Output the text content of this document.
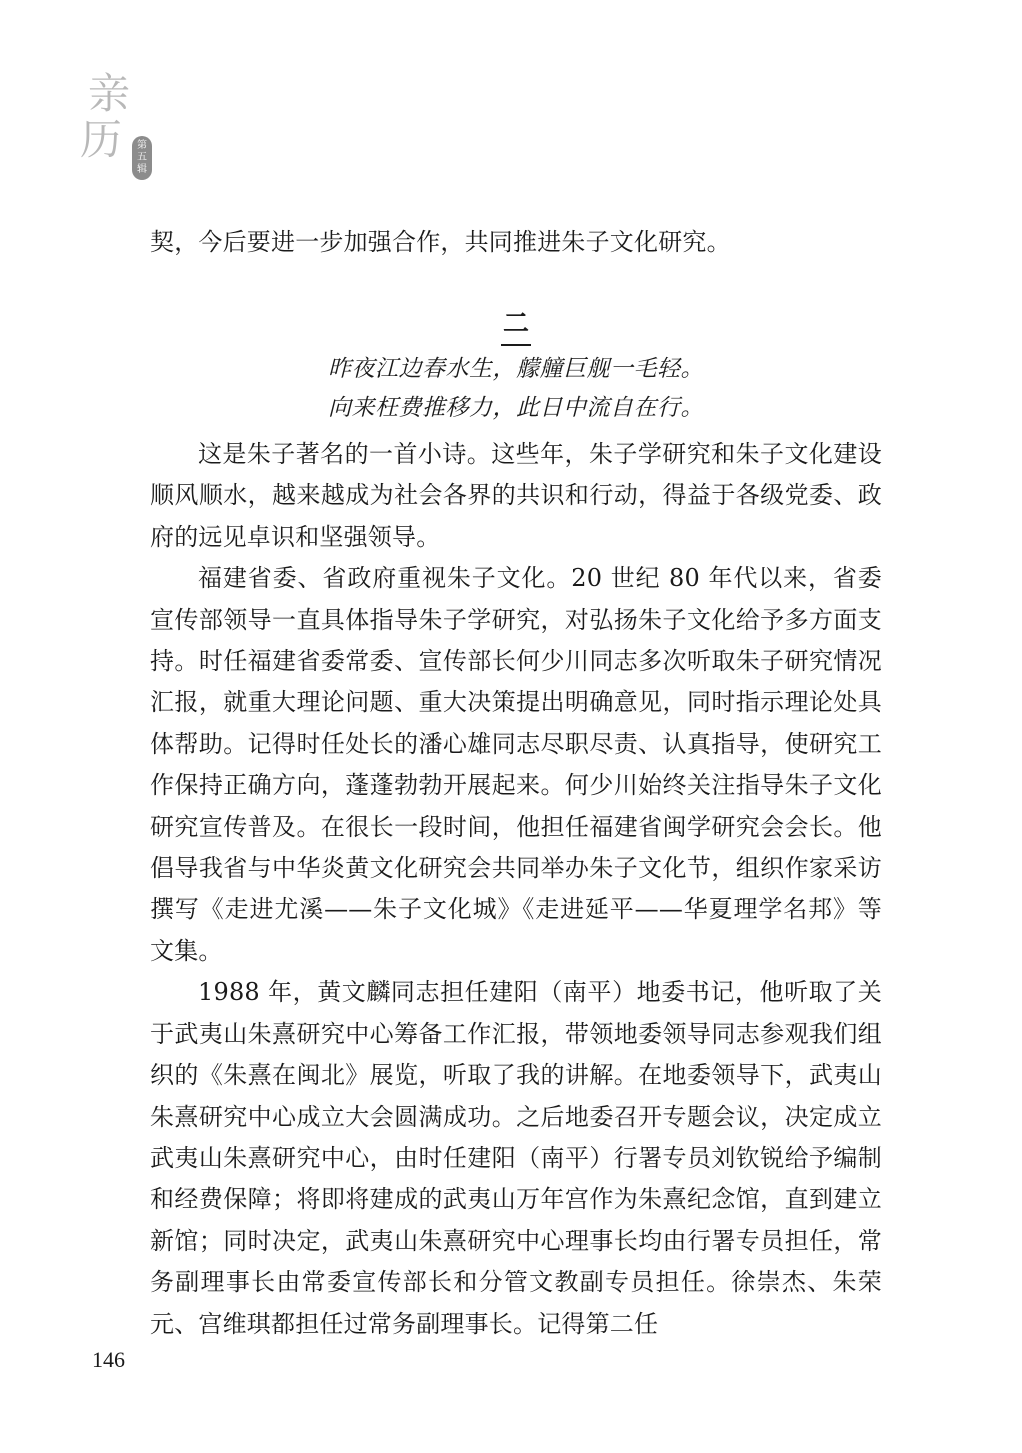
亲
历 第
五
辑

契，今后要进一步加强合作，共同推进朱子文化研究。

二

昨夜江边春水生，艨艟巨舰一毛轻。

向来枉费推移力，此日中流自在行。

这是朱子著名的一首小诗。这些年，朱子学研究和朱子文化建设顺风顺水，越来越成为社会各界的共识和行动，得益于各级党委、政府的远见卓识和坚强领导。

福建省委、省政府重视朱子文化。20 世纪 80 年代以来，省委宣传部领导一直具体指导朱子学研究，对弘扬朱子文化给予多方面支持。时任福建省委常委、宣传部长何少川同志多次听取朱子研究情况汇报，就重大理论问题、重大决策提出明确意见，同时指示理论处具体帮助。记得时任处长的潘心雄同志尽职尽责、认真指导，使研究工作保持正确方向，蓬蓬勃勃开展起来。何少川始终关注指导朱子文化研究宣传普及。在很长一段时间，他担任福建省闽学研究会会长。他倡导我省与中华炎黄文化研究会共同举办朱子文化节，组织作家采访撰写《走进尤溪——朱子文化城》《走进延平——华夏理学名邦》等文集。

1988 年，黄文麟同志担任建阳（南平）地委书记，他听取了关于武夷山朱熹研究中心筹备工作汇报，带领地委领导同志参观我们组织的《朱熹在闽北》展览，听取了我的讲解。在地委领导下，武夷山朱熹研究中心成立大会圆满成功。之后地委召开专题会议，决定成立武夷山朱熹研究中心，由时任建阳（南平）行署专员刘钦锐给予编制和经费保障；将即将建成的武夷山万年宫作为朱熹纪念馆，直到建立新馆；同时决定，武夷山朱熹研究中心理事长均由行署专员担任，常务副理事长由常委宣传部长和分管文教副专员担任。徐崇杰、朱荣元、宫维琪都担任过常务副理事长。记得第二任

146
